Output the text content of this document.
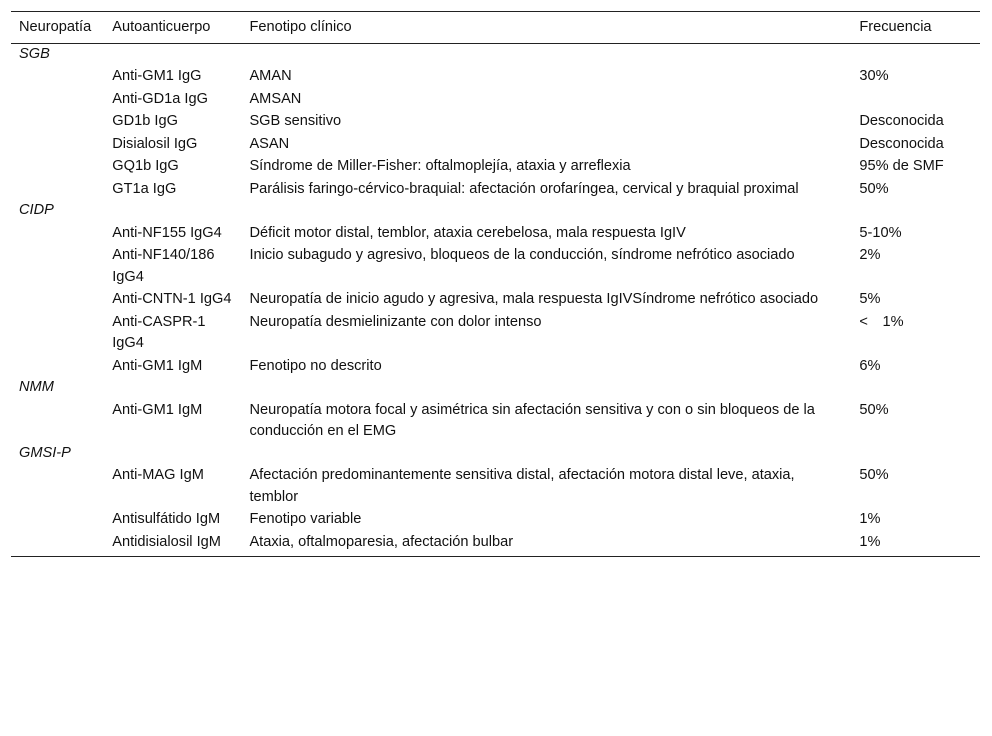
Neuropatía	Autoanticuerpo	Fenotipo clínico	Frecuencia
SGB			
	Anti-GM1 IgG	AMAN	30%
	Anti-GD1a IgG	AMSAN	
	GD1b IgG	SGB sensitivo	Desconocida
	Disialosil IgG	ASAN	Desconocida
	GQ1b IgG	Síndrome de Miller-Fisher: oftalmoplejía, ataxia y arreflexia	95% de SMF
	GT1a IgG	Parálisis faringo-cérvico-braquial: afectación orofaríngea, cervical y braquial proximal	50%
CIDP			
	Anti-NF155 IgG4	Déficit motor distal, temblor, ataxia cerebelosa, mala respuesta IgIV	5-10%
	Anti-NF140/186 IgG4	Inicio subagudo y agresivo, bloqueos de la conducción, síndrome nefrótico asociado	2%
	Anti-CNTN-1 IgG4	Neuropatía de inicio agudo y agresiva, mala respuesta IgIVSíndrome nefrótico asociado	5%
	Anti-CASPR-1 IgG4	Neuropatía desmielinizante con dolor intenso	< 1%
	Anti-GM1 IgM	Fenotipo no descrito	6%
NMM			
	Anti-GM1 IgM	Neuropatía motora focal y asimétrica sin afectación sensitiva y con o sin bloqueos de la conducción en el EMG	50%
GMSI-P			
	Anti-MAG IgM	Afectación predominantemente sensitiva distal, afectación motora distal leve, ataxia, temblor	50%
	Antisulfátido IgM	Fenotipo variable	1%
	Antidisialosil IgM	Ataxia, oftalmoparesia, afectación bulbar	1%
